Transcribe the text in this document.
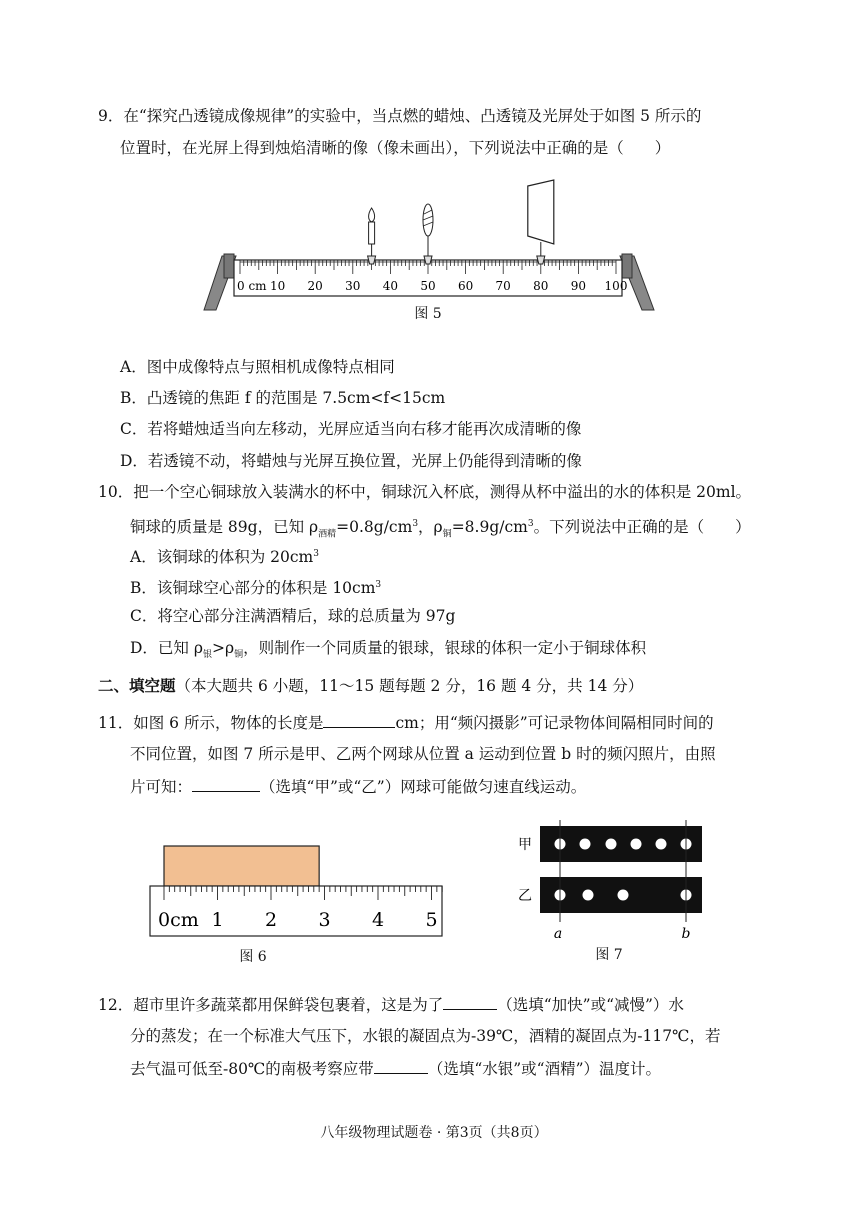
9．在“探究凸透镜成像规律”的实验中，当点燃的蜡烛、凸透镜及光屏处于如图 5 所示的
位置时，在光屏上得到烛焰清晰的像（像未画出），下列说法中正确的是（　　）
0 cm 10 20 30 40 50 60 70 80 90 100
图 5
A．图中成像特点与照相机成像特点相同
B．凸透镜的焦距 f 的范围是 7.5cm<f<15cm
C．若将蜡烛适当向左移动，光屏应适当向右移才能再次成清晰的像
D．若透镜不动，将蜡烛与光屏互换位置，光屏上仍能得到清晰的像
10．把一个空心铜球放入装满水的杯中，铜球沉入杯底，测得从杯中溢出的水的体积是 20ml。
铜球的质量是 89g，已知 $\rho_{酒精}=0.8g/cm^3$，$\rho_铜=8.9g/cm^3$。下列说法中正确的是（　　）
A．该铜球的体积为 $20cm^3$
B．该铜球空心部分的体积是 $10cm^3$
C．将空心部分注满酒精后，球的总质量为 97g
D．已知 $\rho_银>\rho_铜$，则制作一个同质量的银球，银球的体积一定小于铜球体积
二、填空题（本大题共 6 小题，11～15 题每题 2 分，16 题 4 分，共 14 分）
11．如图 6 所示，物体的长度是	cm；用“频闪摄影”可记录物体间隔相同时间的
不同位置，如图 7 所示是甲、乙两个网球从位置 a 运动到位置 b 时的频闪照片，由照
片可知：	（选填“甲”或“乙”）网球可能做匀速直线运动。
0cm 1 2 3 4 5
图 6
甲
乙
a	b
图 7
12．超市里许多蔬菜都用保鲜袋包裹着，这是为了	（选填“加快”或“减慢”）水
分的蒸发；在一个标准大气压下，水银的凝固点为-39℃，酒精的凝固点为-117℃，若
去气温可低至-80℃的南极考察应带	（选填“水银”或“酒精”）温度计。
八年级物理试题卷 · 第3页（共8页）
